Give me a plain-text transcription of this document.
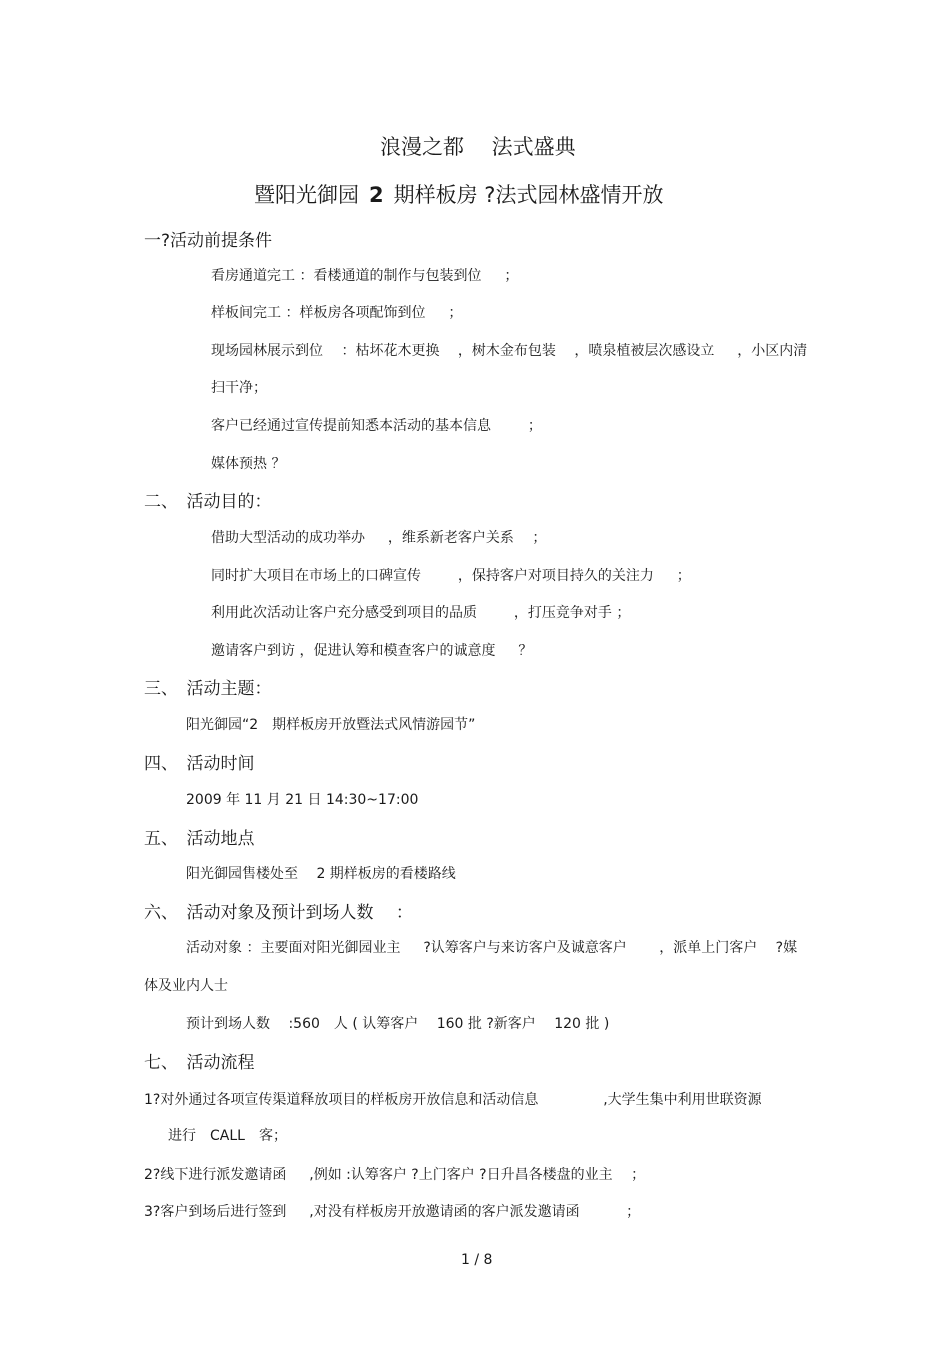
浪漫之都　 法式盛典
暨阳光御园 2 期样板房 ?法式园林盛情开放
一?活动前提条件
看房通道完工 ：看楼通道的制作与包装到位 　 ；
样板间完工 ：样板房各项配饰到位 　 ；
现场园林展示到位 　：枯坏花木更换 　，树木金布包装 　，喷泉植被层次感设立 　 ，小区内清
扫干净；
客户已经通过宣传提前知悉本活动的基本信息 　　 ；
媒体预热 ？
二、　活动目的：
借助大型活动的成功举办 　 ，维系新老客户关系 　；
同时扩大项目在市场上的口碑宣传 　　 ，保持客户对项目持久的关注力 　 ；
利用此次活动让客户充分感受到项目的品质 　　 ，打压竞争对手 ；
邀请客户到访 ，促进认筹和模查客户的诚意度 　 ？
三、　活动主题：
阳光御园“2　期样板房开放暨法式风情游园节”
四、　活动时间
2009 年 11 月 21 日 14:30~17:00
五、　活动地点
阳光御园售楼处至 　2 期样板房的看楼路线
六、　活动对象及预计到场人数 　：
活动对象 ：主要面对阳光御园业主 　 ?认筹客户与来访客户及诚意客户 　　，派单上门客户 　?媒
体及业内人士
预计到场人数 　:560　人 ( 认筹客户 　160 批 ?新客户 　120 批 )
七、　活动流程
1?对外通过各项宣传渠道释放项目的样板房开放信息和活动信息 　　　　 ,大学生集中利用世联资源
进行　CALL　客；
2?线下进行派发邀请函 　 ,例如 :认筹客户 ?上门客户 ?日升昌各楼盘的业主 　；
3?客户到场后进行签到 　 ,对没有样板房开放邀请函的客户派发邀请函 　　　；
1 / 8
